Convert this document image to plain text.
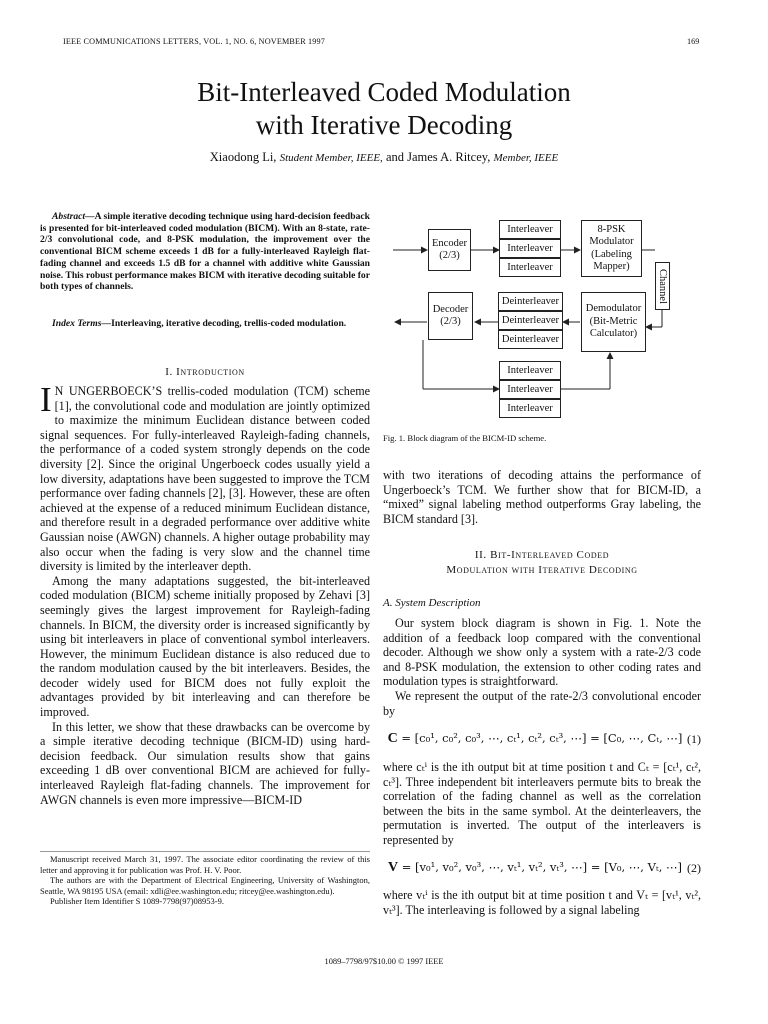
IEEE COMMUNICATIONS LETTERS, VOL. 1, NO. 6, NOVEMBER 1997	169
Bit-Interleaved Coded Modulation
with Iterative Decoding
Xiaodong Li, Student Member, IEEE, and James A. Ritcey, Member, IEEE
Abstract—A simple iterative decoding technique using hard-decision feedback is presented for bit-interleaved coded modulation (BICM). With an 8-state, rate-2/3 convolutional code, and 8-PSK modulation, the improvement over the conventional BICM scheme exceeds 1 dB for a fully-interleaved Rayleigh flat-fading channel and exceeds 1.5 dB for a channel with additive white Gaussian noise. This robust performance makes BICM with iterative decoding suitable for both types of channels.
Index Terms—Interleaving, iterative decoding, trellis-coded modulation.
I. Introduction

I N UNGERBOECK’S trellis-coded modulation (TCM) scheme [1], the convolutional code and modulation are jointly optimized to maximize the minimum Euclidean distance between coded signal sequences. For fully-interleaved Rayleigh-fading channels, the performance of a coded system strongly depends on the code diversity [2]. Since the original Ungerboeck codes usually yield a low diversity, adaptations have been suggested to improve the TCM performance over fading channels [2], [3]. However, these are often achieved at the expense of a reduced minimum Euclidean distance, and therefore result in a degraded performance over additive white Gaussian noise (AWGN) channels. A higher outage probability may also occur when the fading is very slow and the channel time diversity is limited by the interleaver depth.

Among the many adaptations suggested, the bit-interleaved coded modulation (BICM) scheme initially proposed by Zehavi [3] seemingly gives the largest improvement for Rayleigh-fading channels. In BICM, the diversity order is increased significantly by using bit interleavers in place of conventional symbol interleavers. However, the minimum Euclidean distance is also reduced due to the random modulation caused by the bit interleavers. Besides, the decoder widely used for BICM does not fully exploit the advantages provided by bit interleaving and can therefore be improved.

In this letter, we show that these drawbacks can be overcome by a simple iterative decoding technique (BICM-ID) using hard-decision feedback. Our simulation results show that gains exceeding 1 dB over conventional BICM are achieved for fully-interleaved Rayleigh flat-fading channels. The improvement for AWGN channels is even more impressive—BICM-ID

Manuscript received March 31, 1997. The associate editor coordinating the review of this letter and approving it for publication was Prof. H. V. Poor.

The authors are with the Department of Electrical Engineering, University of Washington, Seattle, WA 98195 USA (email: xdli@ee.washington.edu; ritcey@ee.washington.edu).

Publisher Item Identifier S 1089-7798(97)08953-9.

Encoder
(2/3)
Interleaver
Interleaver
Interleaver
8-PSK
Modulator
(Labeling
Mapper)
Channel
Decoder
(2/3)
Deinterleaver
Deinterleaver
Deinterleaver
Demodulator
(Bit-Metric
Calculator)
Interleaver
Interleaver
Interleaver
Fig. 1. Block diagram of the BICM-ID scheme.
with two iterations of decoding attains the performance of Ungerboeck’s TCM. We further show that for BICM-ID, a “mixed” signal labeling method outperforms Gray labeling, the BICM standard [3].
II. Bit-Interleaved Coded
Modulation with Iterative Decoding
A. System Description

Our system block diagram is shown in Fig. 1. Note the addition of a feedback loop compared with the conventional decoder. Although we show only a system with a rate-2/3 code and 8-PSK modulation, the extension to other coding rates and modulation types is straightforward.

We represent the output of the rate-2/3 convolutional encoder by

C = [c₀¹, c₀², c₀³, ⋯, cₜ¹, cₜ², cₜ³, ⋯] = [C₀, ⋯, Cₜ, ⋯] (1)
where cₜⁱ is the ith output bit at time position t and Cₜ = [cₜ¹, cₜ², cₜ³]. Three independent bit interleavers permute bits to break the correlation of the fading channel as well as the correlation between the bits in the same symbol. At the deinterleavers, the permutation is inverted. The output of the interleavers is represented by
V = [v₀¹, v₀², v₀³, ⋯, vₜ¹, vₜ², vₜ³, ⋯] = [V₀, ⋯, Vₜ, ⋯] (2)
where vₜⁱ is the ith output bit at time position t and Vₜ = [vₜ¹, vₜ², vₜ³]. The interleaving is followed by a signal labeling
1089–7798/97$10.00 © 1997 IEEE
